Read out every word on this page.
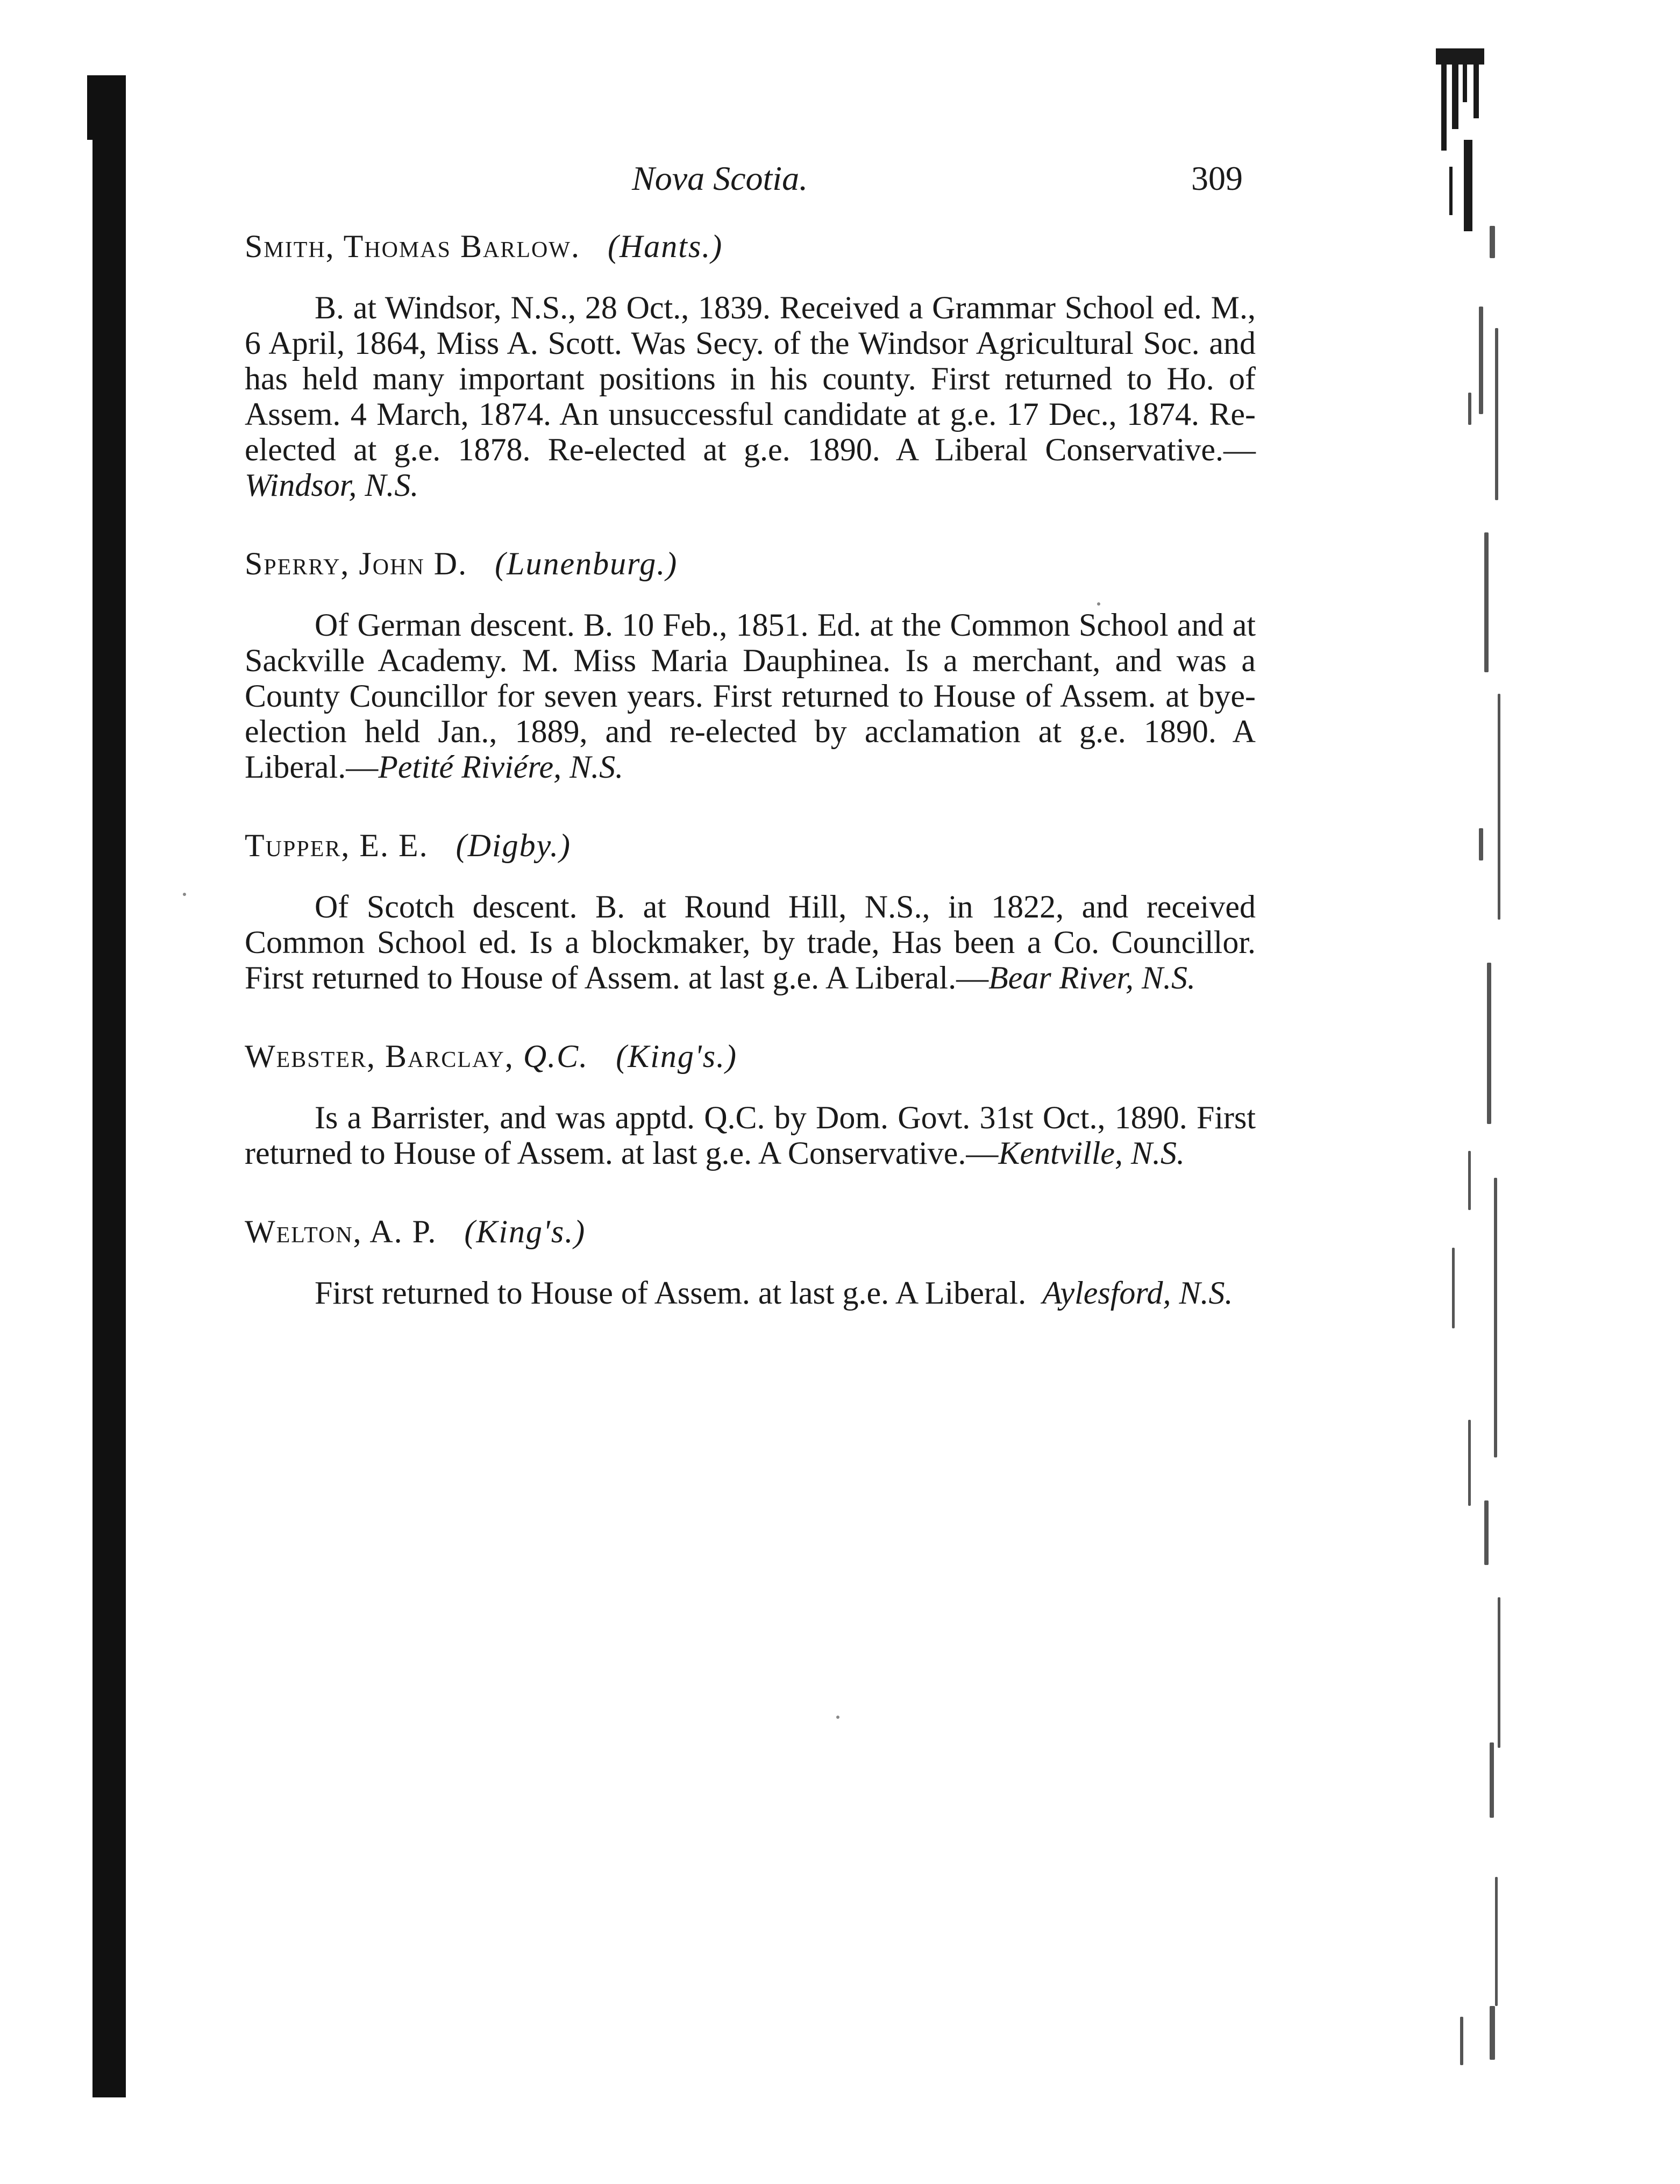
Nova Scotia.	309
Smith, Thomas Barlow. (Hants.)
B. at Windsor, N.S., 28 Oct., 1839. Received a Grammar School ed. M., 6 April, 1864, Miss A. Scott. Was Secy. of the Windsor Agricultural Soc. and has held many important positions in his county. First returned to Ho. of Assem. 4 March, 1874. An unsuccessful candidate at g.e. 17 Dec., 1874. Re-elected at g.e. 1878. Re-elected at g.e. 1890. A Liberal Conservative.—Windsor, N.S.
Sperry, John D. (Lunenburg.)
Of German descent. B. 10 Feb., 1851. Ed. at the Common School and at Sackville Academy. M. Miss Maria Dauphinea. Is a merchant, and was a County Councillor for seven years. First returned to House of Assem. at bye-election held Jan., 1889, and re-elected by acclamation at g.e. 1890. A Liberal.—Petité Riviére, N.S.
Tupper, E. E. (Digby.)
Of Scotch descent. B. at Round Hill, N.S., in 1822, and received Common School ed. Is a blockmaker, by trade, Has been a Co. Councillor. First returned to House of Assem. at last g.e. A Liberal.—Bear River, N.S.
Webster, Barclay, Q.C. (King's.)
Is a Barrister, and was apptd. Q.C. by Dom. Govt. 31st Oct., 1890. First returned to House of Assem. at last g.e. A Conservative.—Kentville, N.S.
Welton, A. P. (King's.)
First returned to House of Assem. at last g.e. A Liberal. Aylesford, N.S.
